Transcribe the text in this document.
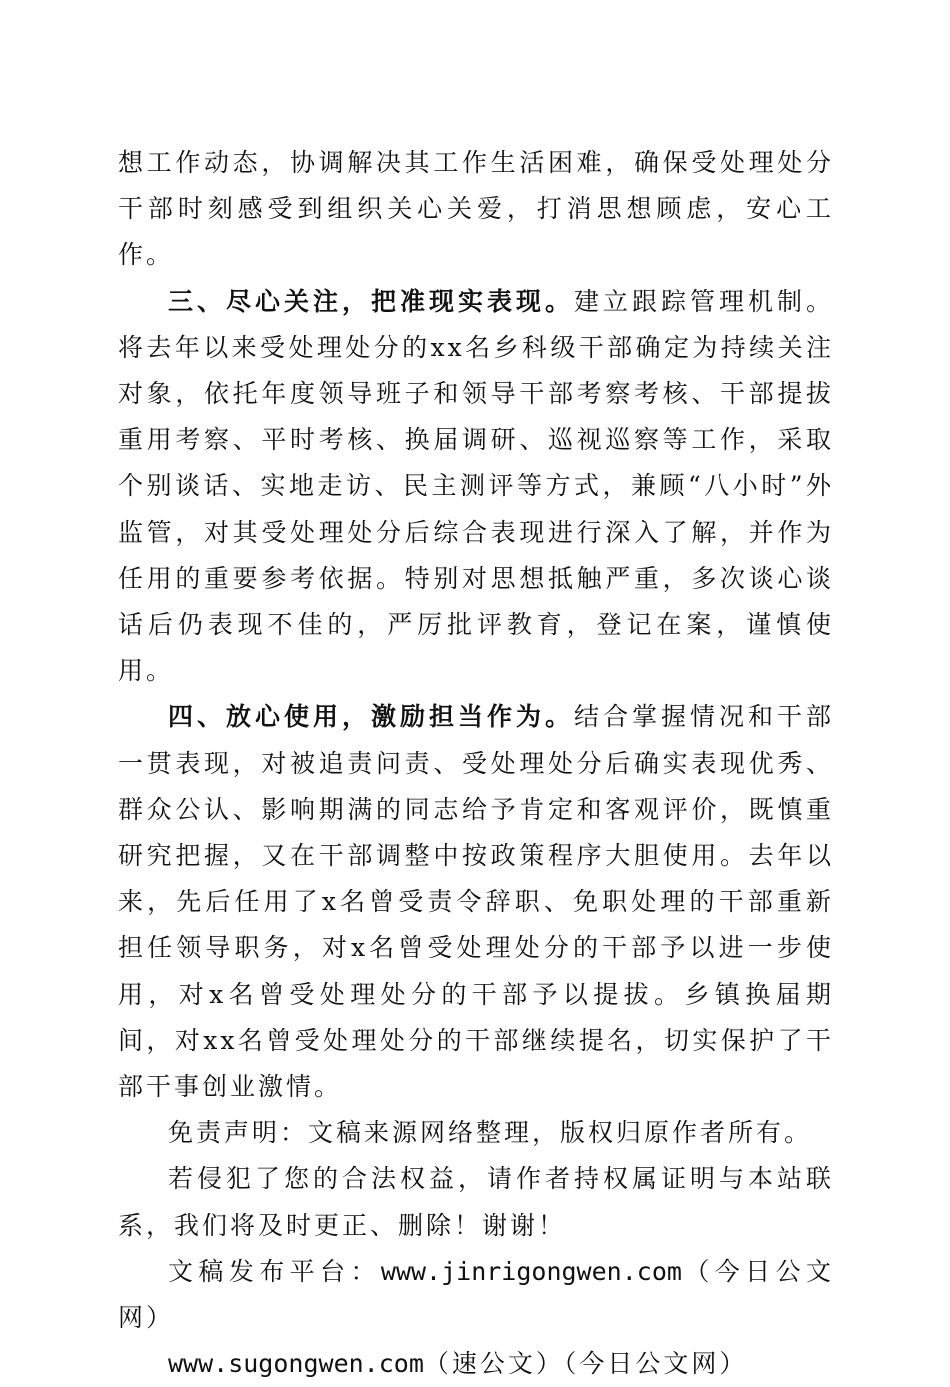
想工作动态，协调解决其工作生活困难，确保受处理处分干部时刻感受到组织关心关爱，打消思想顾虑，安心工作。

三、尽心关注，把准现实表现。建立跟踪管理机制。将去年以来受处理处分的xx名乡科级干部确定为持续关注对象，依托年度领导班子和领导干部考察考核、干部提拔重用考察、平时考核、换届调研、巡视巡察等工作，采取个别谈话、实地走访、民主测评等方式，兼顾“八小时”外监管，对其受处理处分后综合表现进行深入了解，并作为任用的重要参考依据。特别对思想抵触严重，多次谈心谈话后仍表现不佳的，严厉批评教育，登记在案，谨慎使用。

四、放心使用，激励担当作为。结合掌握情况和干部一贯表现，对被追责问责、受处理处分后确实表现优秀、群众公认、影响期满的同志给予肯定和客观评价，既慎重研究把握，又在干部调整中按政策程序大胆使用。去年以来，先后任用了x名曾受责令辞职、免职处理的干部重新担任领导职务，对x名曾受处理处分的干部予以进一步使用，对x名曾受处理处分的干部予以提拔。乡镇换届期间，对xx名曾受处理处分的干部继续提名，切实保护了干部干事创业激情。

免责声明：文稿来源网络整理，版权归原作者所有。

若侵犯了您的合法权益，请作者持权属证明与本站联系，我们将及时更正、删除！谢谢！

文稿发布平台：www.jinrigongwen.com（今日公文网）

www.sugongwen.com（速公文）（今日公文网）
